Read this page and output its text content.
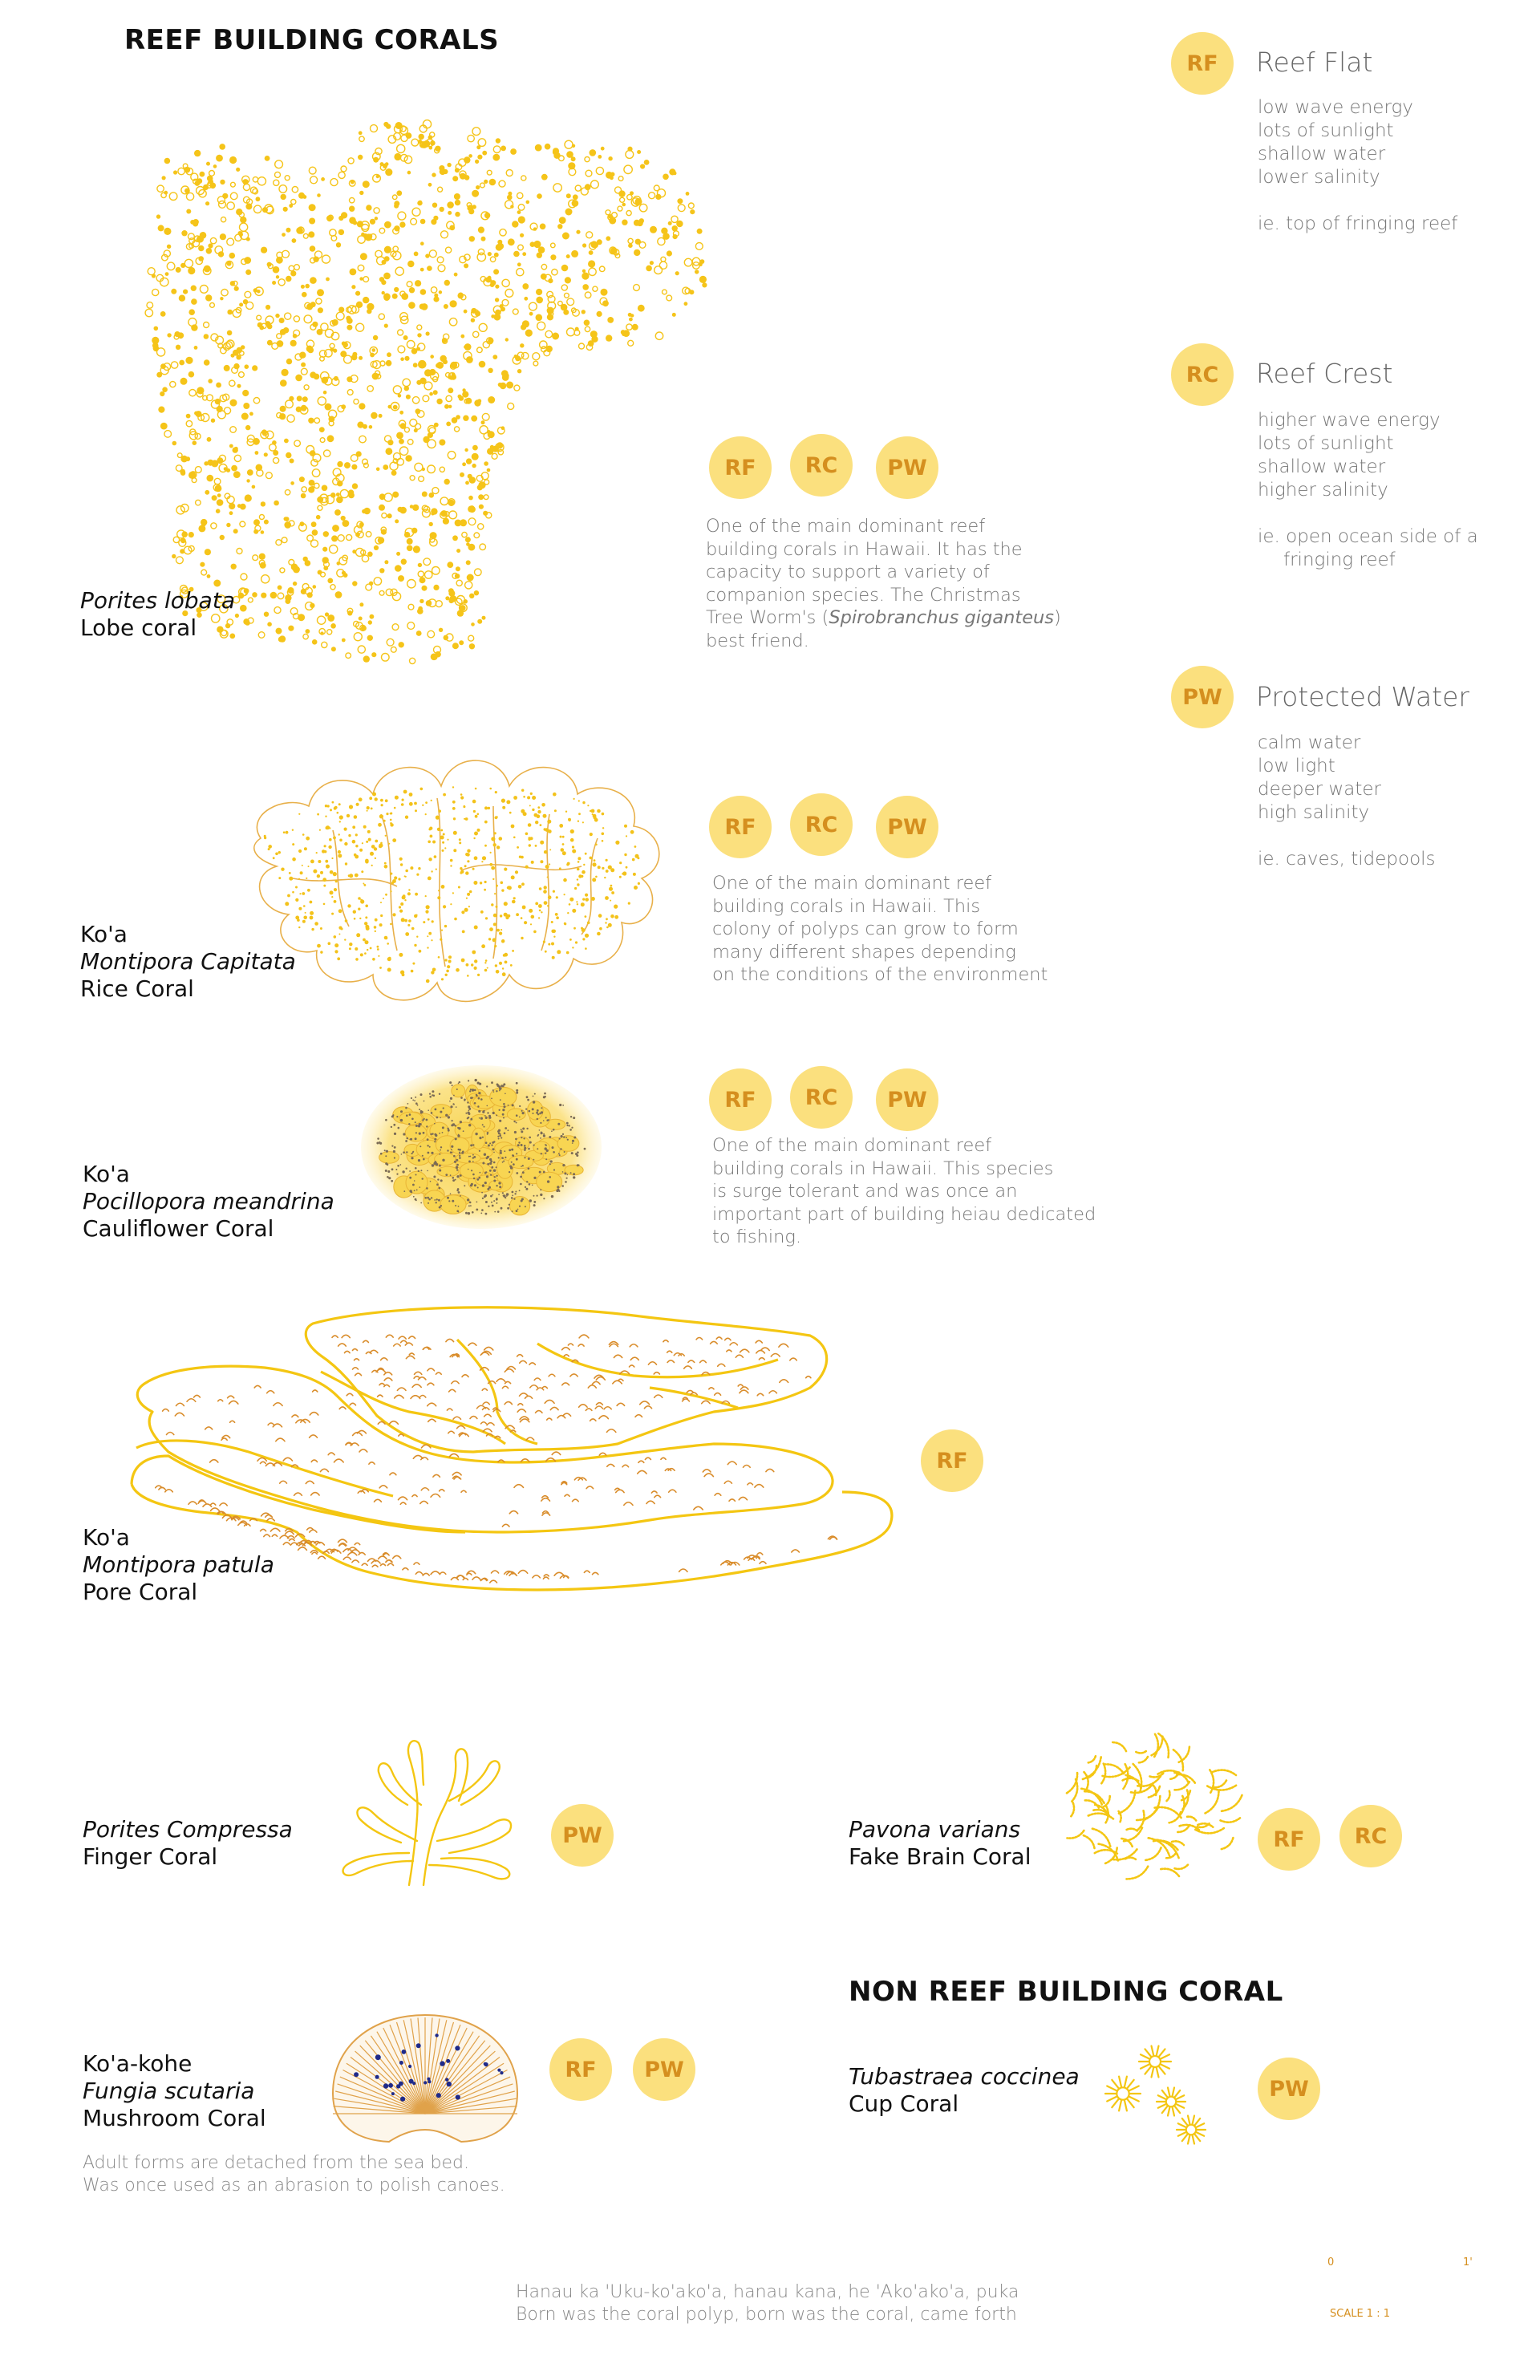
REEF BUILDING CORALS
RF	Reef Flat
low wave energy
lots of sunlight
shallow water
lower salinity
ie. top of fringing reef
RC	Reef Crest
higher wave energy
lots of sunlight
shallow water
higher salinity
ie. open ocean side of a
fringing reef
PW	Protected Water
calm water
low light
deeper water
high salinity
ie. caves, tidepools
Porites lobata
Lobe coral
RF	RC	PW
One of the main dominant reef
building corals in Hawaii. It has the
capacity to support a variety of
companion species. The Christmas
Tree Worm's (Spirobranchus giganteus)
best friend.
Ko'a
Montipora Capitata
Rice Coral
RF	RC	PW
One of the main dominant reef
building corals in Hawaii. This
colony of polyps can grow to form
many different shapes depending
on the conditions of the environment
Ko'a
Pocillopora meandrina
Cauliflower Coral
RF	RC	PW
One of the main dominant reef
building corals in Hawaii. This species
is surge tolerant and was once an
important part of building heiau dedicated
to fishing.
Ko'a
Montipora patula
Pore Coral
RF
Porites Compressa
Finger Coral
PW	Pavona varians
Fake Brain Coral
RF	RC
NON REEF BUILDING CORAL
Ko'a-kohe
Fungia scutaria
Mushroom Coral
RF	PW
Adult forms are detached from the sea bed.
Was once used as an abrasion to polish canoes.
Tubastraea coccinea
Cup Coral
PW
Hanau ka 'Uku-ko'ako'a, hanau kana, he 'Ako'ako'a, puka
Born was the coral polyp, born was the coral, came forth
0	1'
SCALE 1 : 1
